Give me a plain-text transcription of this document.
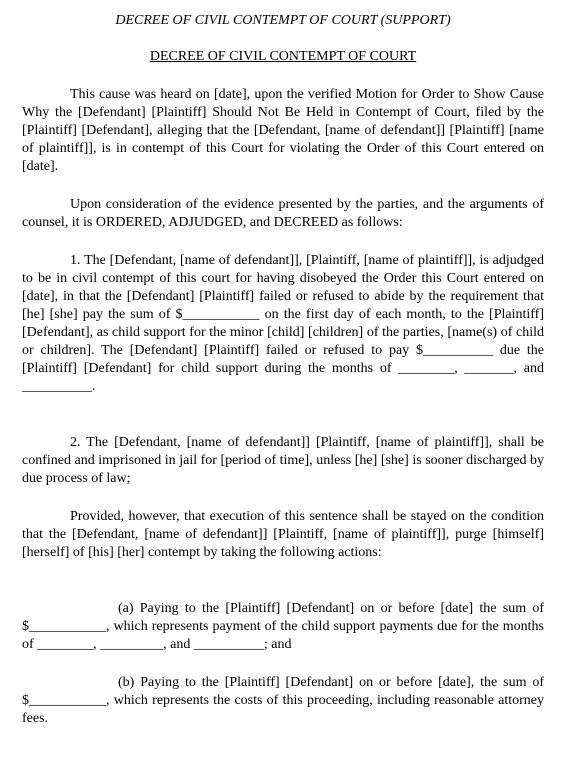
DECREE OF CIVIL CONTEMPT OF COURT (SUPPORT)
DECREE OF CIVIL CONTEMPT OF COURT

This cause was heard on [date], upon the verified Motion for Order to Show Cause Why the [Defendant] [Plaintiff] Should Not Be Held in Contempt of Court, filed by the [Plaintiff] [Defendant], alleging that the [Defendant, [name of defendant]] [Plaintiff] [name of plaintiff]], is in contempt of this Court for violating the Order of this Court entered on [date].

Upon consideration of the evidence presented by the parties, and the arguments of counsel, it is ORDERED, ADJUDGED, and DECREED as follows:

1. The [Defendant, [name of defendant]], [Plaintiff, [name of plaintiff]], is adjudged to be in civil contempt of this court for having disobeyed the Order this Court entered on [date], in that the [Defendant] [Plaintiff] failed or refused to abide by the requirement that [he] [she] pay the sum of $___________ on the first day of each month, to the [Plaintiff] [Defendant], as child support for the minor [child] [children] of the parties, [name(s) of child or children]. The [Defendant] [Plaintiff] failed or refused to pay $__________ due the [Plaintiff] [Defendant] for child support during the months of ________, _______, and __________.

2. The [Defendant, [name of defendant]] [Plaintiff, [name of plaintiff]], shall be confined and imprisoned in jail for [period of time], unless [he] [she] is sooner discharged by due process of law;

Provided, however, that execution of this sentence shall be stayed on the condition that the [Defendant, [name of defendant]] [Plaintiff, [name of plaintiff]], purge [himself] [herself] of [his] [her] contempt by taking the following actions:

(a) Paying to the [Plaintiff] [Defendant] on or before [date] the sum of $___________, which represents payment of the child support payments due for the months of ________, _________, and __________; and

(b) Paying to the [Plaintiff] [Defendant] on or before [date], the sum of $___________, which represents the costs of this proceeding, including reasonable attorney fees.
